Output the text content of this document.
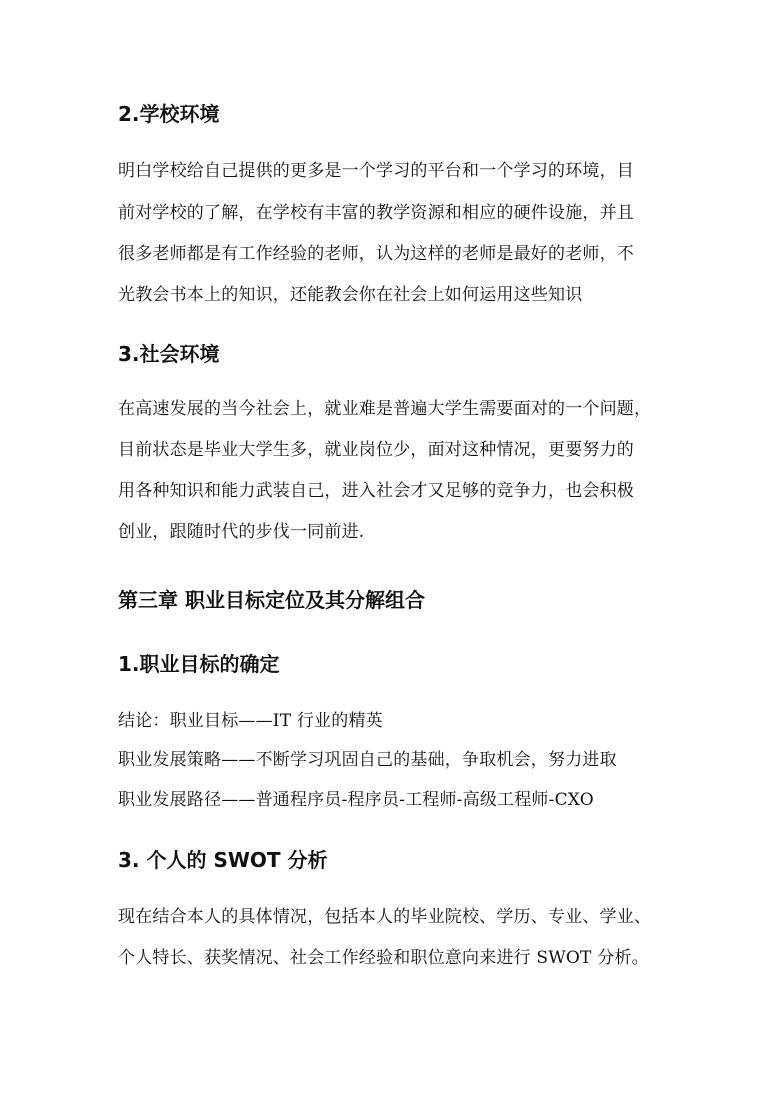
2.学校环境

明白学校给自己提供的更多是一个学习的平台和一个学习的环境，目

前对学校的了解，在学校有丰富的教学资源和相应的硬件设施，并且

很多老师都是有工作经验的老师，认为这样的老师是最好的老师，不

光教会书本上的知识，还能教会你在社会上如何运用这些知识

3.社会环境

在高速发展的当今社会上，就业难是普遍大学生需要面对的一个问题，

目前状态是毕业大学生多，就业岗位少，面对这种情况，更要努力的

用各种知识和能力武装自己，进入社会才又足够的竞争力，也会积极

创业，跟随时代的步伐一同前进.

第三章 职业目标定位及其分解组合
1.职业目标的确定

结论：职业目标——IT 行业的精英

职业发展策略——不断学习巩固自己的基础，争取机会，努力进取

职业发展路径——普通程序员-程序员-工程师-高级工程师-CXO

3. 个人的 SWOT 分析

现在结合本人的具体情况，包括本人的毕业院校、学历、专业、学业、

个人特长、获奖情况、社会工作经验和职位意向来进行 SWOT 分析。
